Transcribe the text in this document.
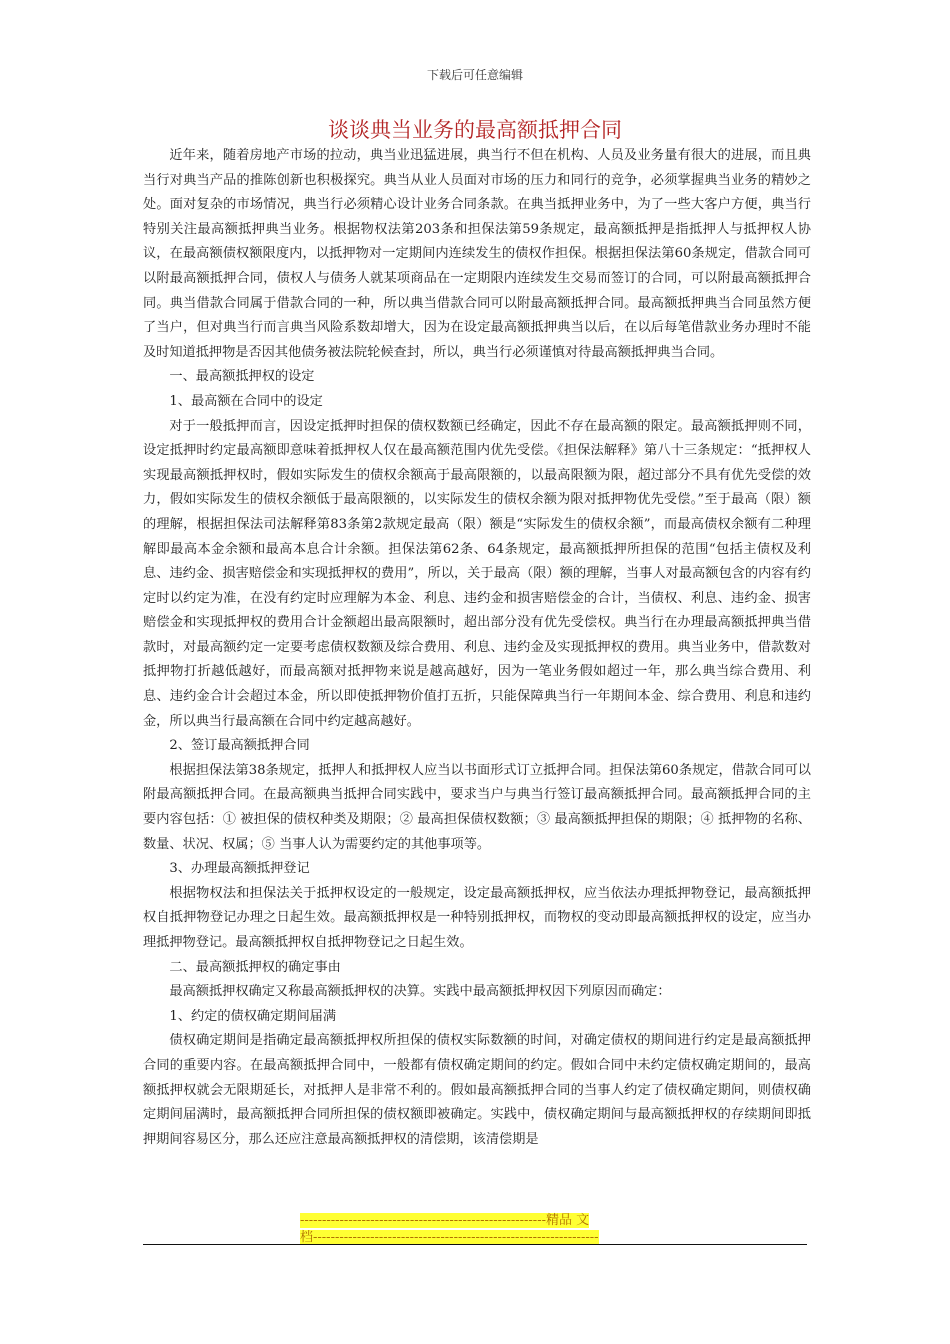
下载后可任意编辑
谈谈典当业务的最高额抵押合同

近年来，随着房地产市场的拉动，典当业迅猛进展，典当行不但在机构、人员及业务量有很大的进展，而且典当行对典当产品的推陈创新也积极探究。典当从业人员面对市场的压力和同行的竞争，必须掌握典当业务的精妙之处。面对复杂的市场情况，典当行必须精心设计业务合同条款。在典当抵押业务中，为了一些大客户方便，典当行特别关注最高额抵押典当业务。根据物权法第203条和担保法第59条规定，最高额抵押是指抵押人与抵押权人协议，在最高额债权额限度内，以抵押物对一定期间内连续发生的债权作担保。根据担保法第60条规定，借款合同可以附最高额抵押合同，债权人与债务人就某项商品在一定期限内连续发生交易而签订的合同，可以附最高额抵押合同。典当借款合同属于借款合同的一种，所以典当借款合同可以附最高额抵押合同。最高额抵押典当合同虽然方便了当户，但对典当行而言典当风险系数却增大，因为在设定最高额抵押典当以后，在以后每笔借款业务办理时不能及时知道抵押物是否因其他债务被法院轮候查封，所以，典当行必须谨慎对待最高额抵押典当合同。

一、最高额抵押权的设定

1、最高额在合同中的设定

对于一般抵押而言，因设定抵押时担保的债权数额已经确定，因此不存在最高额的限定。最高额抵押则不同，设定抵押时约定最高额即意味着抵押权人仅在最高额范围内优先受偿。《担保法解释》第八十三条规定：“抵押权人实现最高额抵押权时，假如实际发生的债权余额高于最高限额的，以最高限额为限，超过部分不具有优先受偿的效力，假如实际发生的债权余额低于最高限额的，以实际发生的债权余额为限对抵押物优先受偿。”至于最高（限）额的理解，根据担保法司法解释第83条第2款规定最高（限）额是“实际发生的债权余额”，而最高债权余额有二种理解即最高本金余额和最高本息合计余额。担保法第62条、64条规定，最高额抵押所担保的范围“包括主债权及利息、违约金、损害赔偿金和实现抵押权的费用”，所以，关于最高（限）额的理解，当事人对最高额包含的内容有约定时以约定为准，在没有约定时应理解为本金、利息、违约金和损害赔偿金的合计，当债权、利息、违约金、损害赔偿金和实现抵押权的费用合计金额超出最高限额时，超出部分没有优先受偿权。典当行在办理最高额抵押典当借款时，对最高额约定一定要考虑债权数额及综合费用、利息、违约金及实现抵押权的费用。典当业务中，借款数对抵押物打折越低越好，而最高额对抵押物来说是越高越好，因为一笔业务假如超过一年，那么典当综合费用、利息、违约金合计会超过本金，所以即使抵押物价值打五折，只能保障典当行一年期间本金、综合费用、利息和违约金，所以典当行最高额在合同中约定越高越好。

2、签订最高额抵押合同

根据担保法第38条规定，抵押人和抵押权人应当以书面形式订立抵押合同。担保法第60条规定，借款合同可以附最高额抵押合同。在最高额典当抵押合同实践中，要求当户与典当行签订最高额抵押合同。最高额抵押合同的主要内容包括：① 被担保的债权种类及期限；② 最高担保债权数额；③ 最高额抵押担保的期限；④ 抵押物的名称、数量、状况、权属；⑤ 当事人认为需要约定的其他事项等。

3、办理最高额抵押登记

根据物权法和担保法关于抵押权设定的一般规定，设定最高额抵押权，应当依法办理抵押物登记，最高额抵押权自抵押物登记办理之日起生效。最高额抵押权是一种特别抵押权，而物权的变动即最高额抵押权的设定，应当办理抵押物登记。最高额抵押权自抵押物登记之日起生效。

二、最高额抵押权的确定事由

最高额抵押权确定又称最高额抵押权的决算。实践中最高额抵押权因下列原因而确定：

1、约定的债权确定期间届满

债权确定期间是指确定最高额抵押权所担保的债权实际数额的时间，对确定债权的期间进行约定是最高额抵押合同的重要内容。在最高额抵押合同中，一般都有债权确定期间的约定。假如合同中未约定债权确定期间的，最高额抵押权就会无限期延长，对抵押人是非常不利的。假如最高额抵押合同的当事人约定了债权确定期间，则债权确定期间届满时，最高额抵押合同所担保的债权额即被确定。实践中，债权确定期间与最高额抵押权的存续期间即抵押期间容易区分，那么还应注意最高额抵押权的清偿期，该清偿期是

--------------------------------------------------------精品 文
档-----------------------------------------------------------------
